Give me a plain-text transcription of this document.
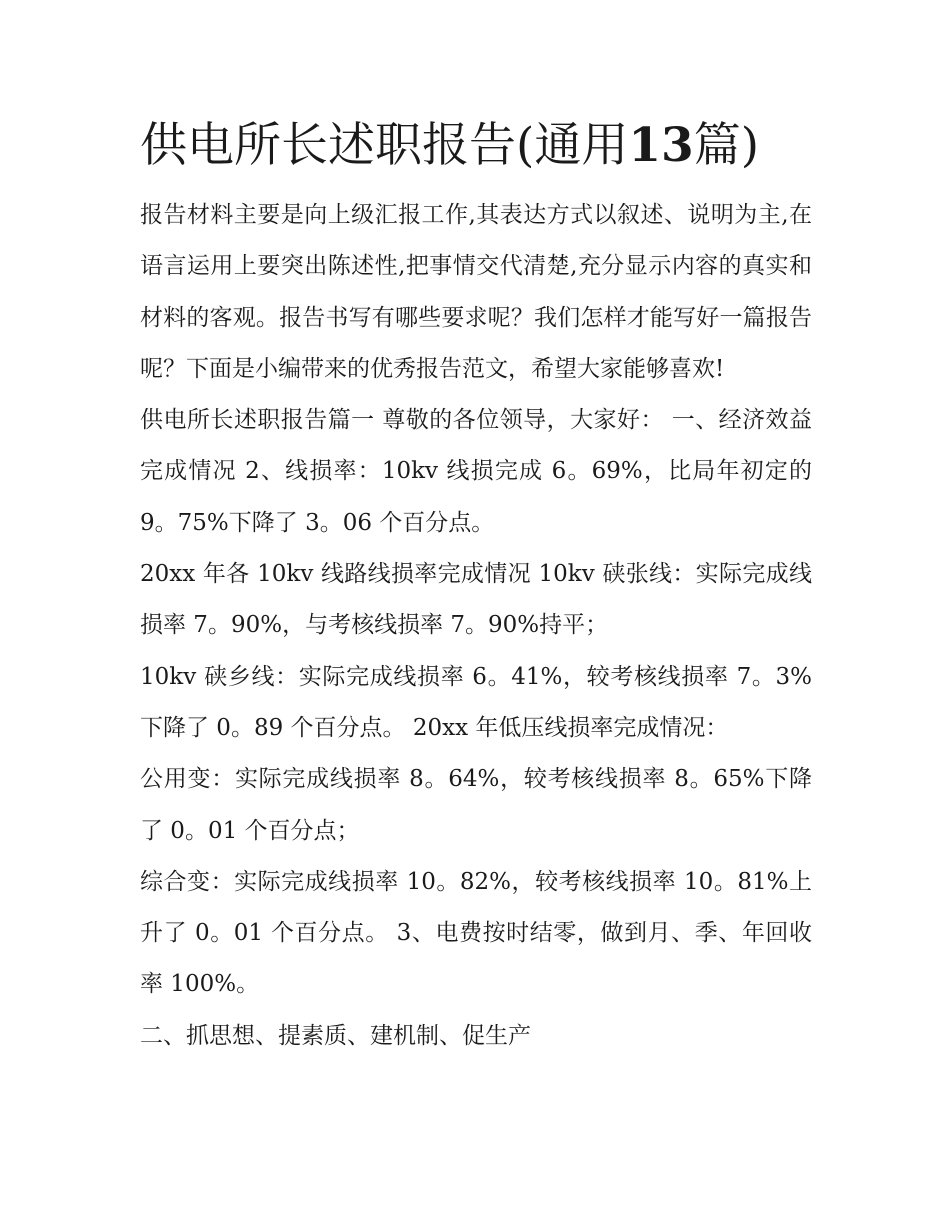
供电所长述职报告(通用13篇)

报告材料主要是向上级汇报工作,其表达方式以叙述、说明为主,在语言运用上要突出陈述性,把事情交代清楚,充分显示内容的真实和材料的客观。报告书写有哪些要求呢？我们怎样才能写好一篇报告呢？下面是小编带来的优秀报告范文，希望大家能够喜欢!

供电所长述职报告篇一 尊敬的各位领导，大家好： 一、经济效益完成情况 2、线损率：10kv 线损完成 6。69%，比局年初定的 9。75%下降了 3。06 个百分点。

20xx 年各 10kv 线路线损率完成情况 10kv 硖张线：实际完成线损率 7。90%，与考核线损率 7。90%持平；

10kv 硖乡线：实际完成线损率 6。41%，较考核线损率 7。3%下降了 0。89 个百分点。 20xx 年低压线损率完成情况：

公用变：实际完成线损率 8。64%，较考核线损率 8。65%下降了 0。01 个百分点；

综合变：实际完成线损率 10。82%，较考核线损率 10。81%上升了 0。01 个百分点。 3、电费按时结零，做到月、季、年回收率 100%。

二、抓思想、提素质、建机制、促生产
